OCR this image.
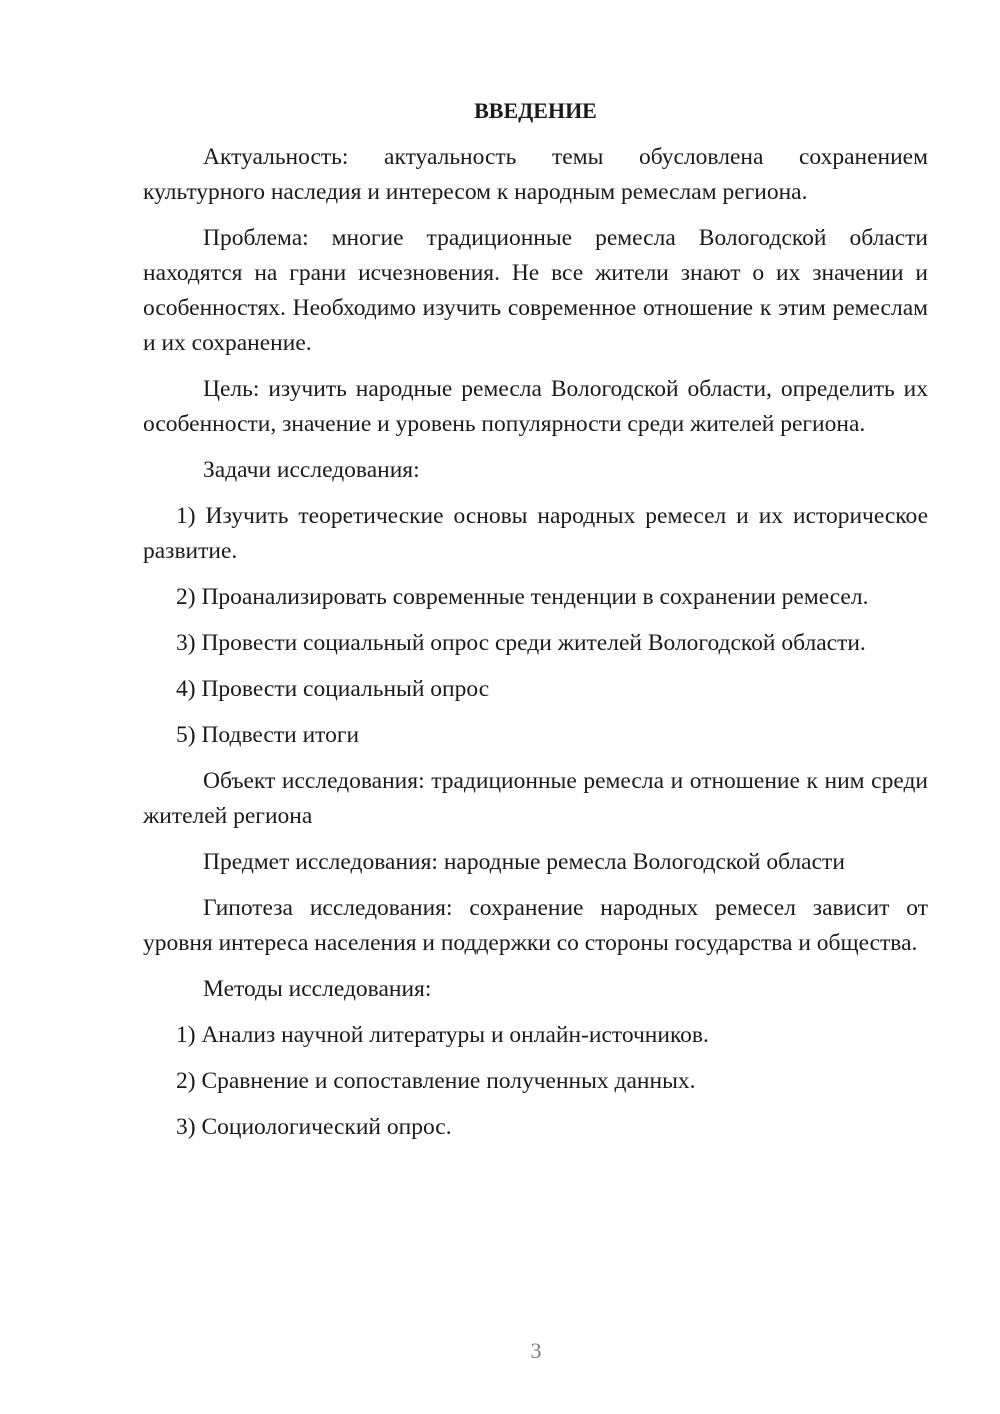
ВВЕДЕНИЕ

Актуальность: актуальность темы обусловлена сохранением культурного наследия и интересом к народным ремеслам региона.

Проблема: многие традиционные ремесла Вологодской области находятся на грани исчезновения. Не все жители знают о их значении и особенностях. Необходимо изучить современное отношение к этим ремеслам и их сохранение.

Цель: изучить народные ремесла Вологодской области, определить их особенности, значение и уровень популярности среди жителей региона.

Задачи исследования:

1) Изучить теоретические основы народных ремесел и их историческое развитие.
2) Проанализировать современные тенденции в сохранении ремесел.
3) Провести социальный опрос среди жителей Вологодской области.
4) Провести социальный опрос
5) Подвести итоги

Объект исследования: традиционные ремесла и отношение к ним среди жителей региона

Предмет исследования: народные ремесла Вологодской области

Гипотеза исследования: сохранение народных ремесел зависит от уровня интереса населения и поддержки со стороны государства и общества.

Методы исследования:

1) Анализ научной литературы и онлайн-источников.
2) Сравнение и сопоставление полученных данных.
3) Социологический опрос.
3
